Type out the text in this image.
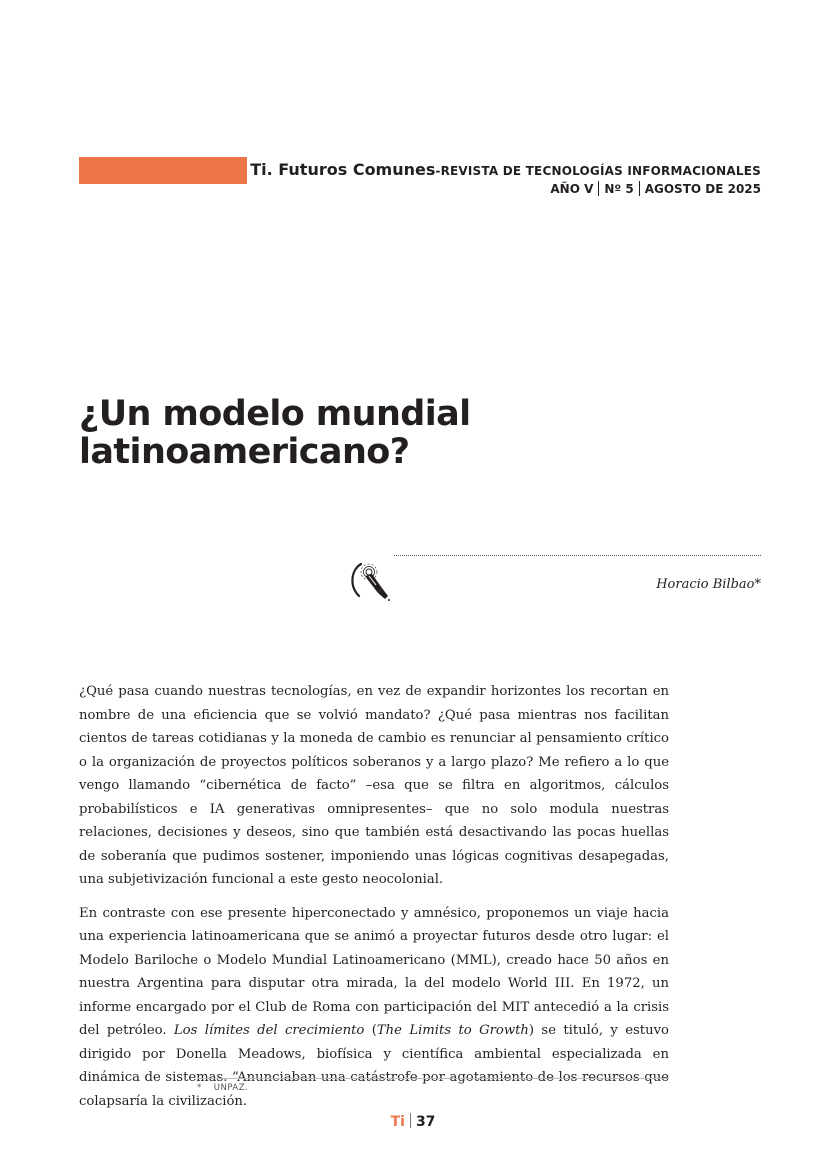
Ti. Futuros Comunes-REVISTA DE TECNOLOGÍAS INFORMACIONALES
AÑO V Nº 5 AGOSTO DE 2025
¿Un modelo mundial latinoamericano?
Horacio Bilbao*

¿Qué pasa cuando nuestras tecnologías, en vez de expandir horizontes los recortan en nombre de una eficiencia que se volvió mandato? ¿Qué pasa mientras nos facilitan cientos de tareas cotidianas y la moneda de cambio es renunciar al pensamiento crítico o la organización de proyectos políticos soberanos y a largo plazo? Me refiero a lo que vengo llamando “cibernética de facto” –esa que se filtra en algoritmos, cálculos probabilísticos e IA generativas omnipresentes– que no solo modula nuestras relaciones, decisiones y deseos, sino que también está desactivando las pocas huellas de soberanía que pudimos sostener, imponiendo unas lógicas cognitivas desapegadas, una subjetivización funcional a este gesto neocolonial.

En contraste con ese presente hiperconectado y amnésico, proponemos un viaje hacia una experiencia latinoamericana que se animó a proyectar futuros desde otro lugar: el Modelo Bariloche o Modelo Mundial Latinoamericano (MML), creado hace 50 años en nuestra Argentina para disputar otra mirada, la del modelo World III. En 1972, un informe encargado por el Club de Roma con participación del MIT antecedió a la crisis del petróleo. Los límites del crecimiento (The Limits to Growth) se tituló, y estuvo dirigido por Donella Meadows, biofísica y científica ambiental especializada en dinámica de sistemas. “Anunciaban una catástrofe por agotamiento de los recursos que colapsaría la civilización.

* UNPAZ.
Ti 37
